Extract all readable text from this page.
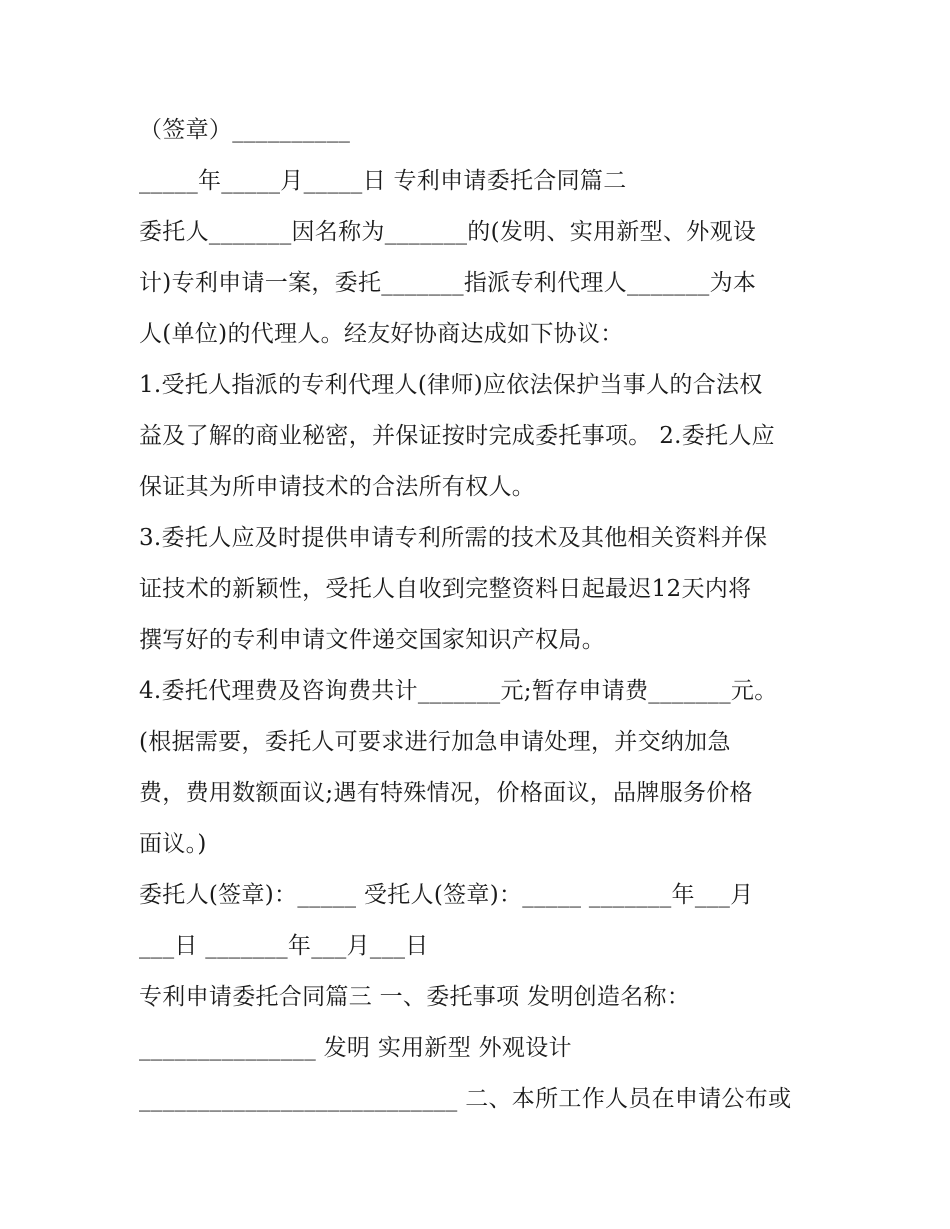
（签章）__________
_____年_____月_____日 专利申请委托合同篇二
委托人_______因名称为_______的(发明、实用新型、外观设
计)专利申请一案，委托_______指派专利代理人_______为本
人(单位)的代理人。经友好协商达成如下协议：
1.受托人指派的专利代理人(律师)应依法保护当事人的合法权
益及了解的商业秘密，并保证按时完成委托事项。 2.委托人应
保证其为所申请技术的合法所有权人。
3.委托人应及时提供申请专利所需的技术及其他相关资料并保
证技术的新颖性，受托人自收到完整资料日起最迟12天内将
撰写好的专利申请文件递交国家知识产权局。
4.委托代理费及咨询费共计_______元;暂存申请费_______元。
(根据需要，委托人可要求进行加急申请处理，并交纳加急
费，费用数额面议;遇有特殊情况，价格面议，品牌服务价格
面议。)
委托人(签章)：_____ 受托人(签章)：_____ _______年___月
___日 _______年___月___日
专利申请委托合同篇三 一、委托事项 发明创造名称：
_______________ 发明 实用新型 外观设计
___________________________ 二、本所工作人员在申请公布或
